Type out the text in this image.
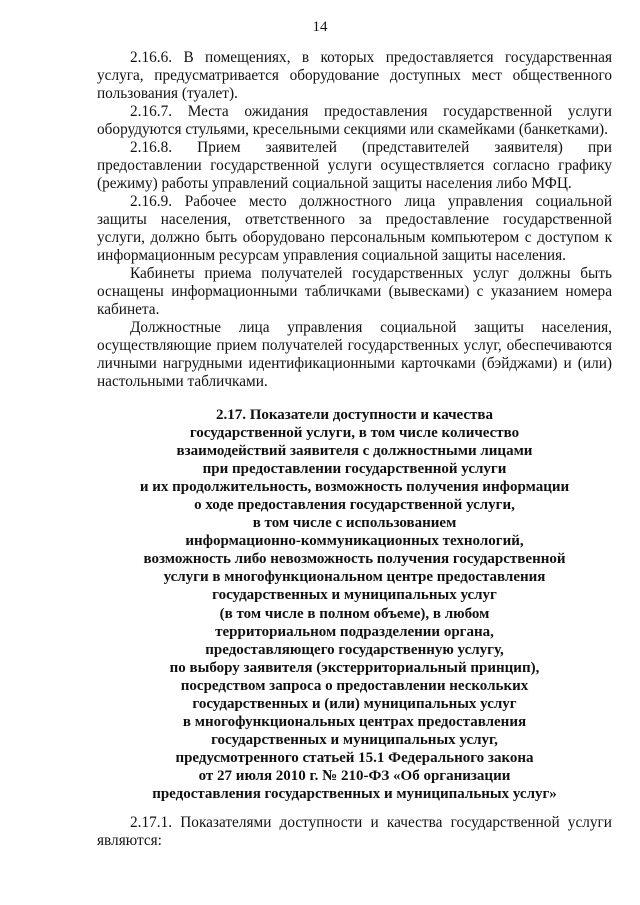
14

2.16.6. В помещениях, в которых предоставляется государственная услуга, предусматривается оборудование доступных мест общественного пользования (туалет).

2.16.7. Места ожидания предоставления государственной услуги оборудуются стульями, кресельными секциями или скамейками (банкетками).

2.16.8. Прием заявителей (представителей заявителя) при предоставлении государственной услуги осуществляется согласно графику (режиму) работы управлений социальной защиты населения либо МФЦ.

2.16.9. Рабочее место должностного лица управления социальной защиты населения, ответственного за предоставление государственной услуги, должно быть оборудовано персональным компьютером с доступом к информационным ресурсам управления социальной защиты населения.

Кабинеты приема получателей государственных услуг должны быть оснащены информационными табличками (вывесками) с указанием номера кабинета.

Должностные лица управления социальной защиты населения, осуществляющие прием получателей государственных услуг, обеспечиваются личными нагрудными идентификационными карточками (бэйджами) и (или) настольными табличками.

2.17. Показатели доступности и качества
государственной услуги, в том числе количество
взаимодействий заявителя с должностными лицами
при предоставлении государственной услуги
и их продолжительность, возможность получения информации
о ходе предоставления государственной услуги,
в том числе с использованием
информационно-коммуникационных технологий,
возможность либо невозможность получения государственной
услуги в многофункциональном центре предоставления
государственных и муниципальных услуг
(в том числе в полном объеме), в любом
территориальном подразделении органа,
предоставляющего государственную услугу,
по выбору заявителя (экстерриториальный принцип),
посредством запроса о предоставлении нескольких
государственных и (или) муниципальных услуг
в многофункциональных центрах предоставления
государственных и муниципальных услуг,
предусмотренного статьей 15.1 Федерального закона
от 27 июля 2010 г. № 210-ФЗ «Об организации
предоставления государственных и муниципальных услуг»

2.17.1. Показателями доступности и качества государственной услуги являются:
